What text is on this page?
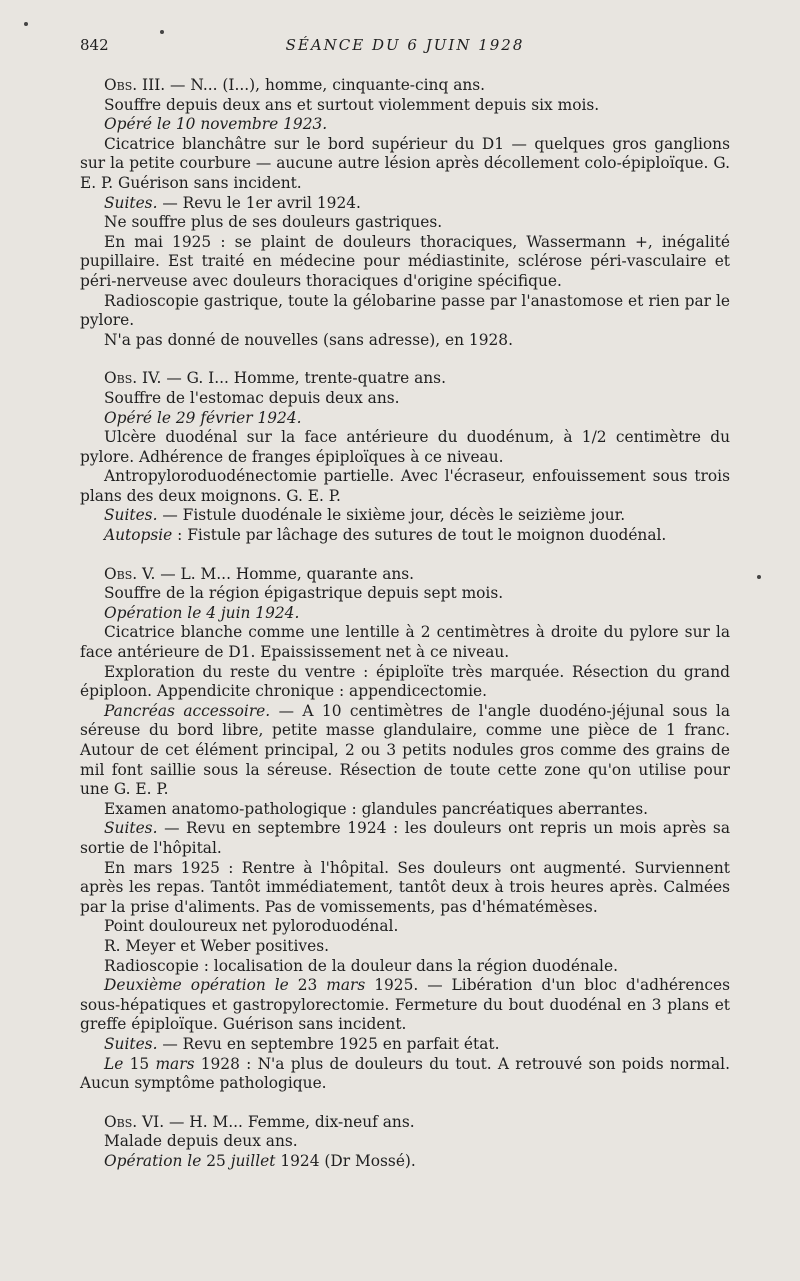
842	SÉANCE DU 6 JUIN 1928

Obs. III. — N... (I...), homme, cinquante-cinq ans.

Souffre depuis deux ans et surtout violemment depuis six mois.

Opéré le 10 novembre 1923.

Cicatrice blanchâtre sur le bord supérieur du D1 — quelques gros ganglions sur la petite courbure — aucune autre lésion après décollement colo-épiploïque. G. E. P. Guérison sans incident.

Suites. — Revu le 1er avril 1924.

Ne souffre plus de ses douleurs gastriques.

En mai 1925 : se plaint de douleurs thoraciques, Wassermann +, inégalité pupillaire. Est traité en médecine pour médiastinite, sclérose péri-vasculaire et péri-nerveuse avec douleurs thoraciques d'origine spécifique.

Radioscopie gastrique, toute la gélobarine passe par l'anastomose et rien par le pylore.

N'a pas donné de nouvelles (sans adresse), en 1928.

Obs. IV. — G. I... Homme, trente-quatre ans.

Souffre de l'estomac depuis deux ans.

Opéré le 29 février 1924.

Ulcère duodénal sur la face antérieure du duodénum, à 1/2 centimètre du pylore. Adhérence de franges épiploïques à ce niveau.

Antropyloroduodénectomie partielle. Avec l'écraseur, enfouissement sous trois plans des deux moignons. G. E. P.

Suites. — Fistule duodénale le sixième jour, décès le seizième jour.

Autopsie : Fistule par lâchage des sutures de tout le moignon duodénal.

Obs. V. — L. M... Homme, quarante ans.

Souffre de la région épigastrique depuis sept mois.

Opération le 4 juin 1924.

Cicatrice blanche comme une lentille à 2 centimètres à droite du pylore sur la face antérieure de D1. Epaississement net à ce niveau.

Exploration du reste du ventre : épiploïte très marquée. Résection du grand épiploon. Appendicite chronique : appendicectomie.

Pancréas accessoire. — A 10 centimètres de l'angle duodéno-jéjunal sous la séreuse du bord libre, petite masse glandulaire, comme une pièce de 1 franc. Autour de cet élément principal, 2 ou 3 petits nodules gros comme des grains de mil font saillie sous la séreuse. Résection de toute cette zone qu'on utilise pour une G. E. P.

Examen anatomo-pathologique : glandules pancréatiques aberrantes.

Suites. — Revu en septembre 1924 : les douleurs ont repris un mois après sa sortie de l'hôpital.

En mars 1925 : Rentre à l'hôpital. Ses douleurs ont augmenté. Surviennent après les repas. Tantôt immédiatement, tantôt deux à trois heures après. Calmées par la prise d'aliments. Pas de vomissements, pas d'hématémèses.

Point douloureux net pyloroduodénal.

R. Meyer et Weber positives.

Radioscopie : localisation de la douleur dans la région duodénale.

Deuxième opération le 23 mars 1925. — Libération d'un bloc d'adhérences sous-hépatiques et gastropylorectomie. Fermeture du bout duodénal en 3 plans et greffe épiploïque. Guérison sans incident.

Suites. — Revu en septembre 1925 en parfait état.

Le 15 mars 1928 : N'a plus de douleurs du tout. A retrouvé son poids normal. Aucun symptôme pathologique.

Obs. VI. — H. M... Femme, dix-neuf ans.

Malade depuis deux ans.

Opération le 25 juillet 1924 (Dr Mossé).
